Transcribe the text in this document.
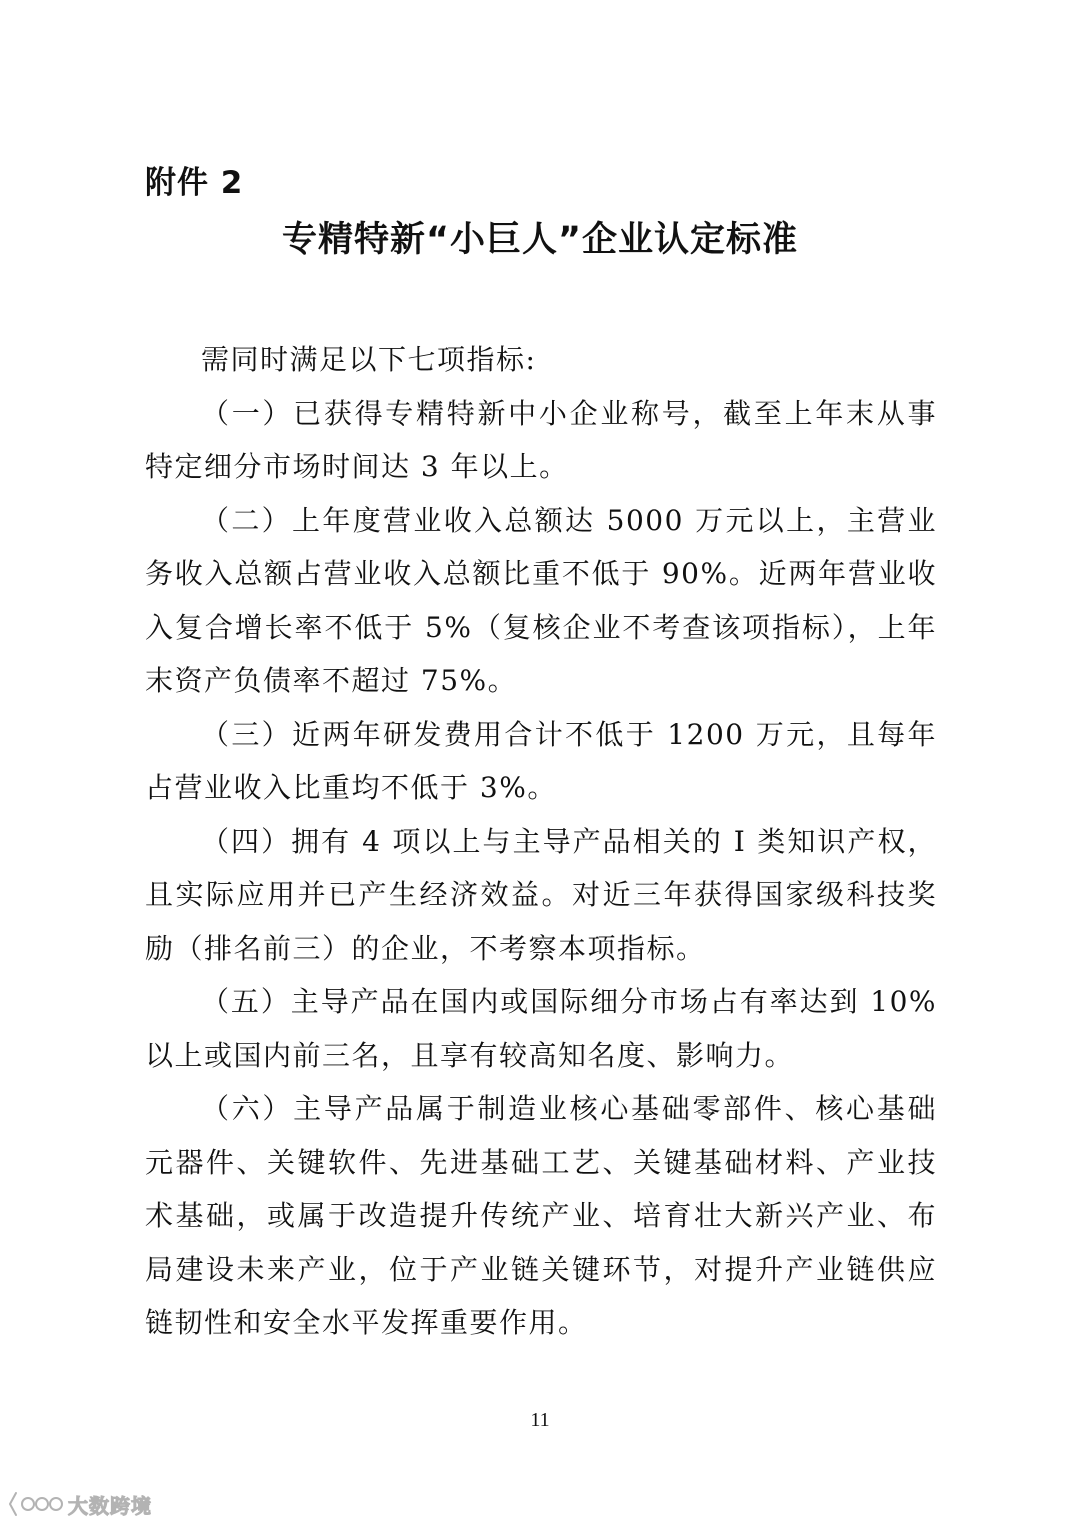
附件 2
专精特新“小巨人”企业认定标准

需同时满足以下七项指标:

（一）已获得专精特新中小企业称号，截至上年末从事特定细分市场时间达 3 年以上。

（二）上年度营业收入总额达 5000 万元以上，主营业务收入总额占营业收入总额比重不低于 90%。近两年营业收入复合增长率不低于 5%（复核企业不考查该项指标），上年末资产负债率不超过 75%。

（三）近两年研发费用合计不低于 1200 万元，且每年占营业收入比重均不低于 3%。

（四）拥有 4 项以上与主导产品相关的 I 类知识产权，且实际应用并已产生经济效益。对近三年获得国家级科技奖励（排名前三）的企业，不考察本项指标。

（五）主导产品在国内或国际细分市场占有率达到 10%以上或国内前三名，且享有较高知名度、影响力。

（六）主导产品属于制造业核心基础零部件、核心基础元器件、关键软件、先进基础工艺、关键基础材料、产业技术基础，或属于改造提升传统产业、培育壮大新兴产业、布局建设未来产业，位于产业链关键环节，对提升产业链供应链韧性和安全水平发挥重要作用。

11
大数跨境
